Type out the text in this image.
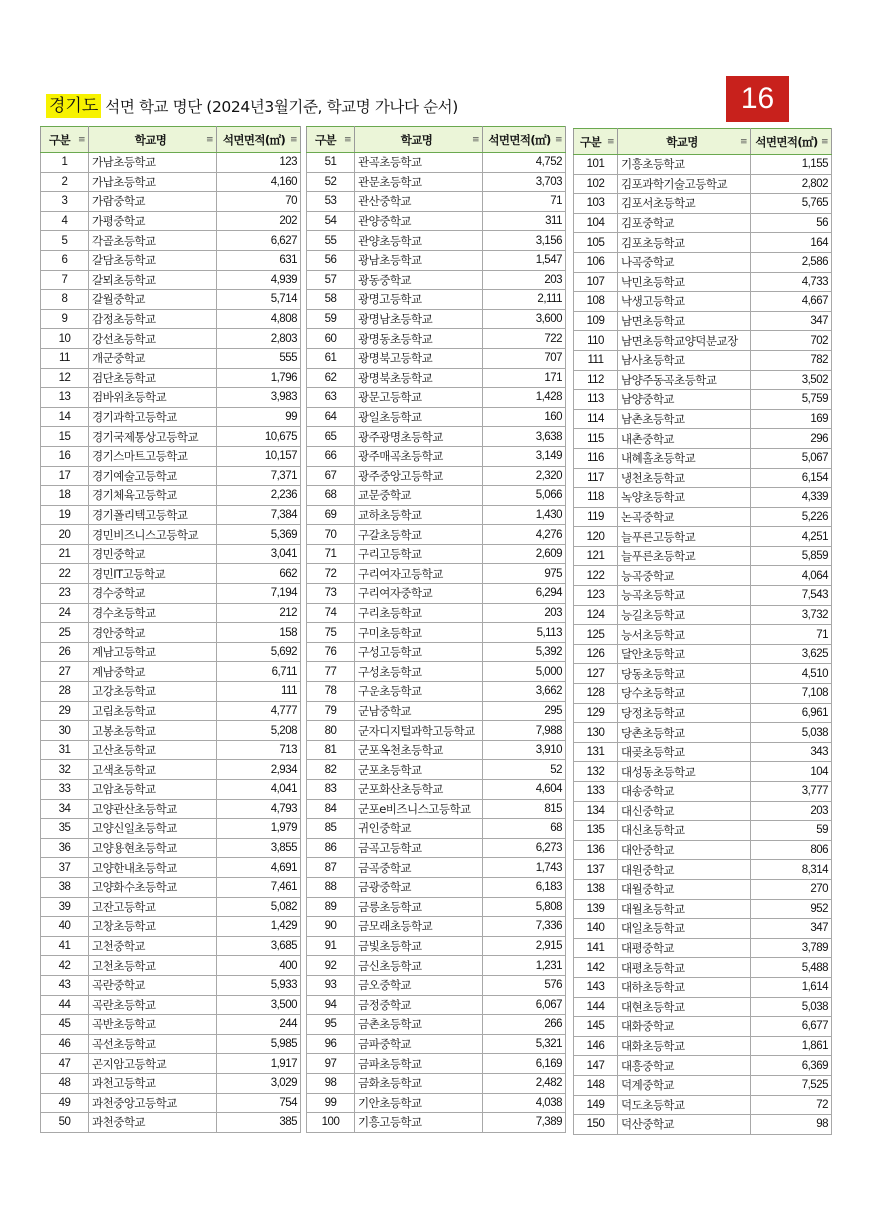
경기도 석면 학교 명단 (2024년3월기준, 학교명 가나다 순서)	16
구분 ≡	학교명 ≡	석면면적(㎡) ≡

1	가남초등학교	123
2	가납초등학교	4,160
3	가람중학교	70
4	가평중학교	202
5	각골초등학교	6,627
6	갈담초등학교	631
7	갈뫼초등학교	4,939
8	갈월중학교	5,714
9	감정초등학교	4,808
10	강선초등학교	2,803
11	개군중학교	555
12	검단초등학교	1,796
13	검바위초등학교	3,983
14	경기과학고등학교	99
15	경기국제통상고등학교	10,675
16	경기스마트고등학교	10,157
17	경기예술고등학교	7,371
18	경기체육고등학교	2,236
19	경기폴리텍고등학교	7,384
20	경민비즈니스고등학교	5,369
21	경민중학교	3,041
22	경민IT고등학교	662
23	경수중학교	7,194
24	경수초등학교	212
25	경안중학교	158
26	계남고등학교	5,692
27	계남중학교	6,711
28	고강초등학교	111
29	고림초등학교	4,777
30	고봉초등학교	5,208
31	고산초등학교	713
32	고색초등학교	2,934
33	고암초등학교	4,041
34	고양관산초등학교	4,793
35	고양신일초등학교	1,979
36	고양용현초등학교	3,855
37	고양한내초등학교	4,691
38	고양화수초등학교	7,461
39	고잔고등학교	5,082
40	고창초등학교	1,429
41	고천중학교	3,685
42	고천초등학교	400
43	곡란중학교	5,933
44	곡란초등학교	3,500
45	곡반초등학교	244
46	곡선초등학교	5,985
47	곤지암고등학교	1,917
48	과천고등학교	3,029
49	과천중앙고등학교	754
50	과천중학교	385
구분 ≡	학교명 ≡	석면면적(㎡) ≡

51	관곡초등학교	4,752
52	관문초등학교	3,703
53	관산중학교	71
54	관양중학교	311
55	관양초등학교	3,156
56	광남초등학교	1,547
57	광동중학교	203
58	광명고등학교	2,111
59	광명남초등학교	3,600
60	광명동초등학교	722
61	광명북고등학교	707
62	광명북초등학교	171
63	광문고등학교	1,428
64	광일초등학교	160
65	광주광명초등학교	3,638
66	광주매곡초등학교	3,149
67	광주중앙고등학교	2,320
68	교문중학교	5,066
69	교하초등학교	1,430
70	구갈초등학교	4,276
71	구리고등학교	2,609
72	구리여자고등학교	975
73	구리여자중학교	6,294
74	구리초등학교	203
75	구미초등학교	5,113
76	구성고등학교	5,392
77	구성초등학교	5,000
78	구운초등학교	3,662
79	군남중학교	295
80	군자디지털과학고등학교	7,988
81	군포옥천초등학교	3,910
82	군포초등학교	52
83	군포화산초등학교	4,604
84	군포e비즈니스고등학교	815
85	귀인중학교	68
86	금곡고등학교	6,273
87	금곡중학교	1,743
88	금광중학교	6,183
89	금릉초등학교	5,808
90	금모래초등학교	7,336
91	금빛초등학교	2,915
92	금신초등학교	1,231
93	금오중학교	576
94	금정중학교	6,067
95	금촌초등학교	266
96	금파중학교	5,321
97	금파초등학교	6,169
98	금화초등학교	2,482
99	기안초등학교	4,038
100	기흥고등학교	7,389
구분 ≡	학교명 ≡	석면면적(㎡) ≡

101	기흥초등학교	1,155
102	김포과학기술고등학교	2,802
103	김포서초등학교	5,765
104	김포중학교	56
105	김포초등학교	164
106	나곡중학교	2,586
107	낙민초등학교	4,733
108	낙생고등학교	4,667
109	남면초등학교	347
110	남면초등학교양덕분교장	702
111	남사초등학교	782
112	남양주동곡초등학교	3,502
113	남양중학교	5,759
114	남촌초등학교	169
115	내촌중학교	296
116	내혜홀초등학교	5,067
117	냉천초등학교	6,154
118	녹양초등학교	4,339
119	논곡중학교	5,226
120	늘푸른고등학교	4,251
121	늘푸른초등학교	5,859
122	능곡중학교	4,064
123	능곡초등학교	7,543
124	능길초등학교	3,732
125	능서초등학교	71
126	달안초등학교	3,625
127	당동초등학교	4,510
128	당수초등학교	7,108
129	당정초등학교	6,961
130	당촌초등학교	5,038
131	대곶초등학교	343
132	대성동초등학교	104
133	대송중학교	3,777
134	대신중학교	203
135	대신초등학교	59
136	대안중학교	806
137	대원중학교	8,314
138	대월중학교	270
139	대월초등학교	952
140	대일초등학교	347
141	대평중학교	3,789
142	대평초등학교	5,488
143	대하초등학교	1,614
144	대현초등학교	5,038
145	대화중학교	6,677
146	대화초등학교	1,861
147	대흥중학교	6,369
148	덕계중학교	7,525
149	덕도초등학교	72
150	덕산중학교	98
